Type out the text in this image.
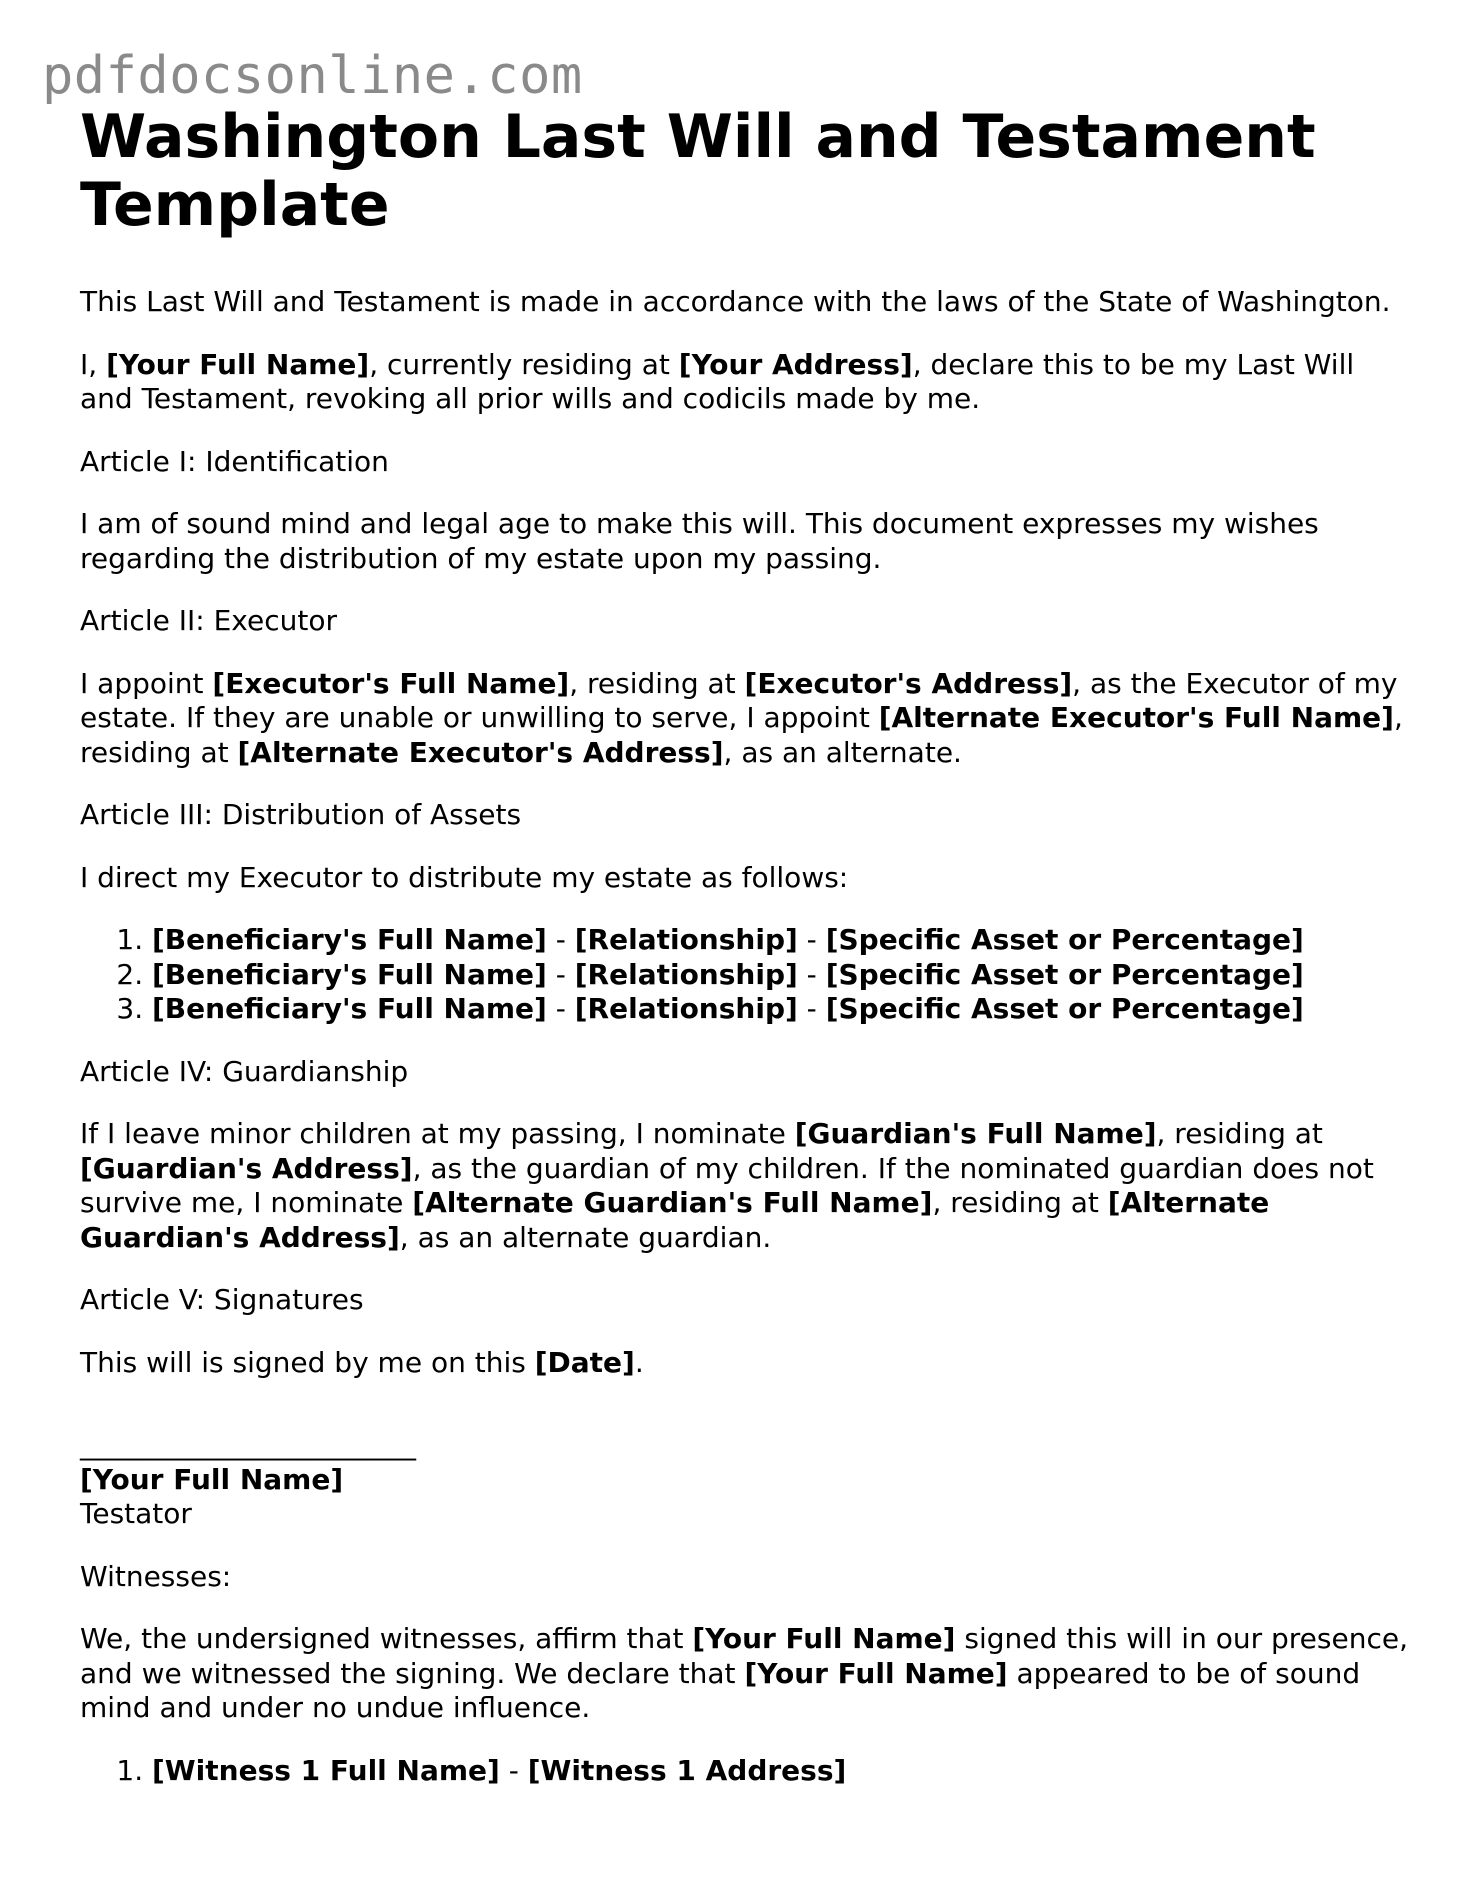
pdfdocsonline.com
Washington Last Will and Testament Template

This Last Will and Testament is made in accordance with the laws of the State of Washington.

I, [Your Full Name], currently residing at [Your Address], declare this to be my Last Will and Testament, revoking all prior wills and codicils made by me.

Article I: Identification

I am of sound mind and legal age to make this will. This document expresses my wishes regarding the distribution of my estate upon my passing.

Article II: Executor

I appoint [Executor's Full Name], residing at [Executor's Address], as the Executor of my estate. If they are unable or unwilling to serve, I appoint [Alternate Executor's Full Name], residing at [Alternate Executor's Address], as an alternate.

Article III: Distribution of Assets

I direct my Executor to distribute my estate as follows:

1. [Beneficiary's Full Name] - [Relationship] - [Specific Asset or Percentage]
2. [Beneficiary's Full Name] - [Relationship] - [Specific Asset or Percentage]
3. [Beneficiary's Full Name] - [Relationship] - [Specific Asset or Percentage]

Article IV: Guardianship

If I leave minor children at my passing, I nominate [Guardian's Full Name], residing at [Guardian's Address], as the guardian of my children. If the nominated guardian does not survive me, I nominate [Alternate Guardian's Full Name], residing at [Alternate Guardian's Address], as an alternate guardian.

Article V: Signatures

This will is signed by me on this [Date].

________________________
[Your Full Name]
Testator

Witnesses:

We, the undersigned witnesses, affirm that [Your Full Name] signed this will in our presence, and we witnessed the signing. We declare that [Your Full Name] appeared to be of sound mind and under no undue influence.

1. [Witness 1 Full Name] - [Witness 1 Address]
